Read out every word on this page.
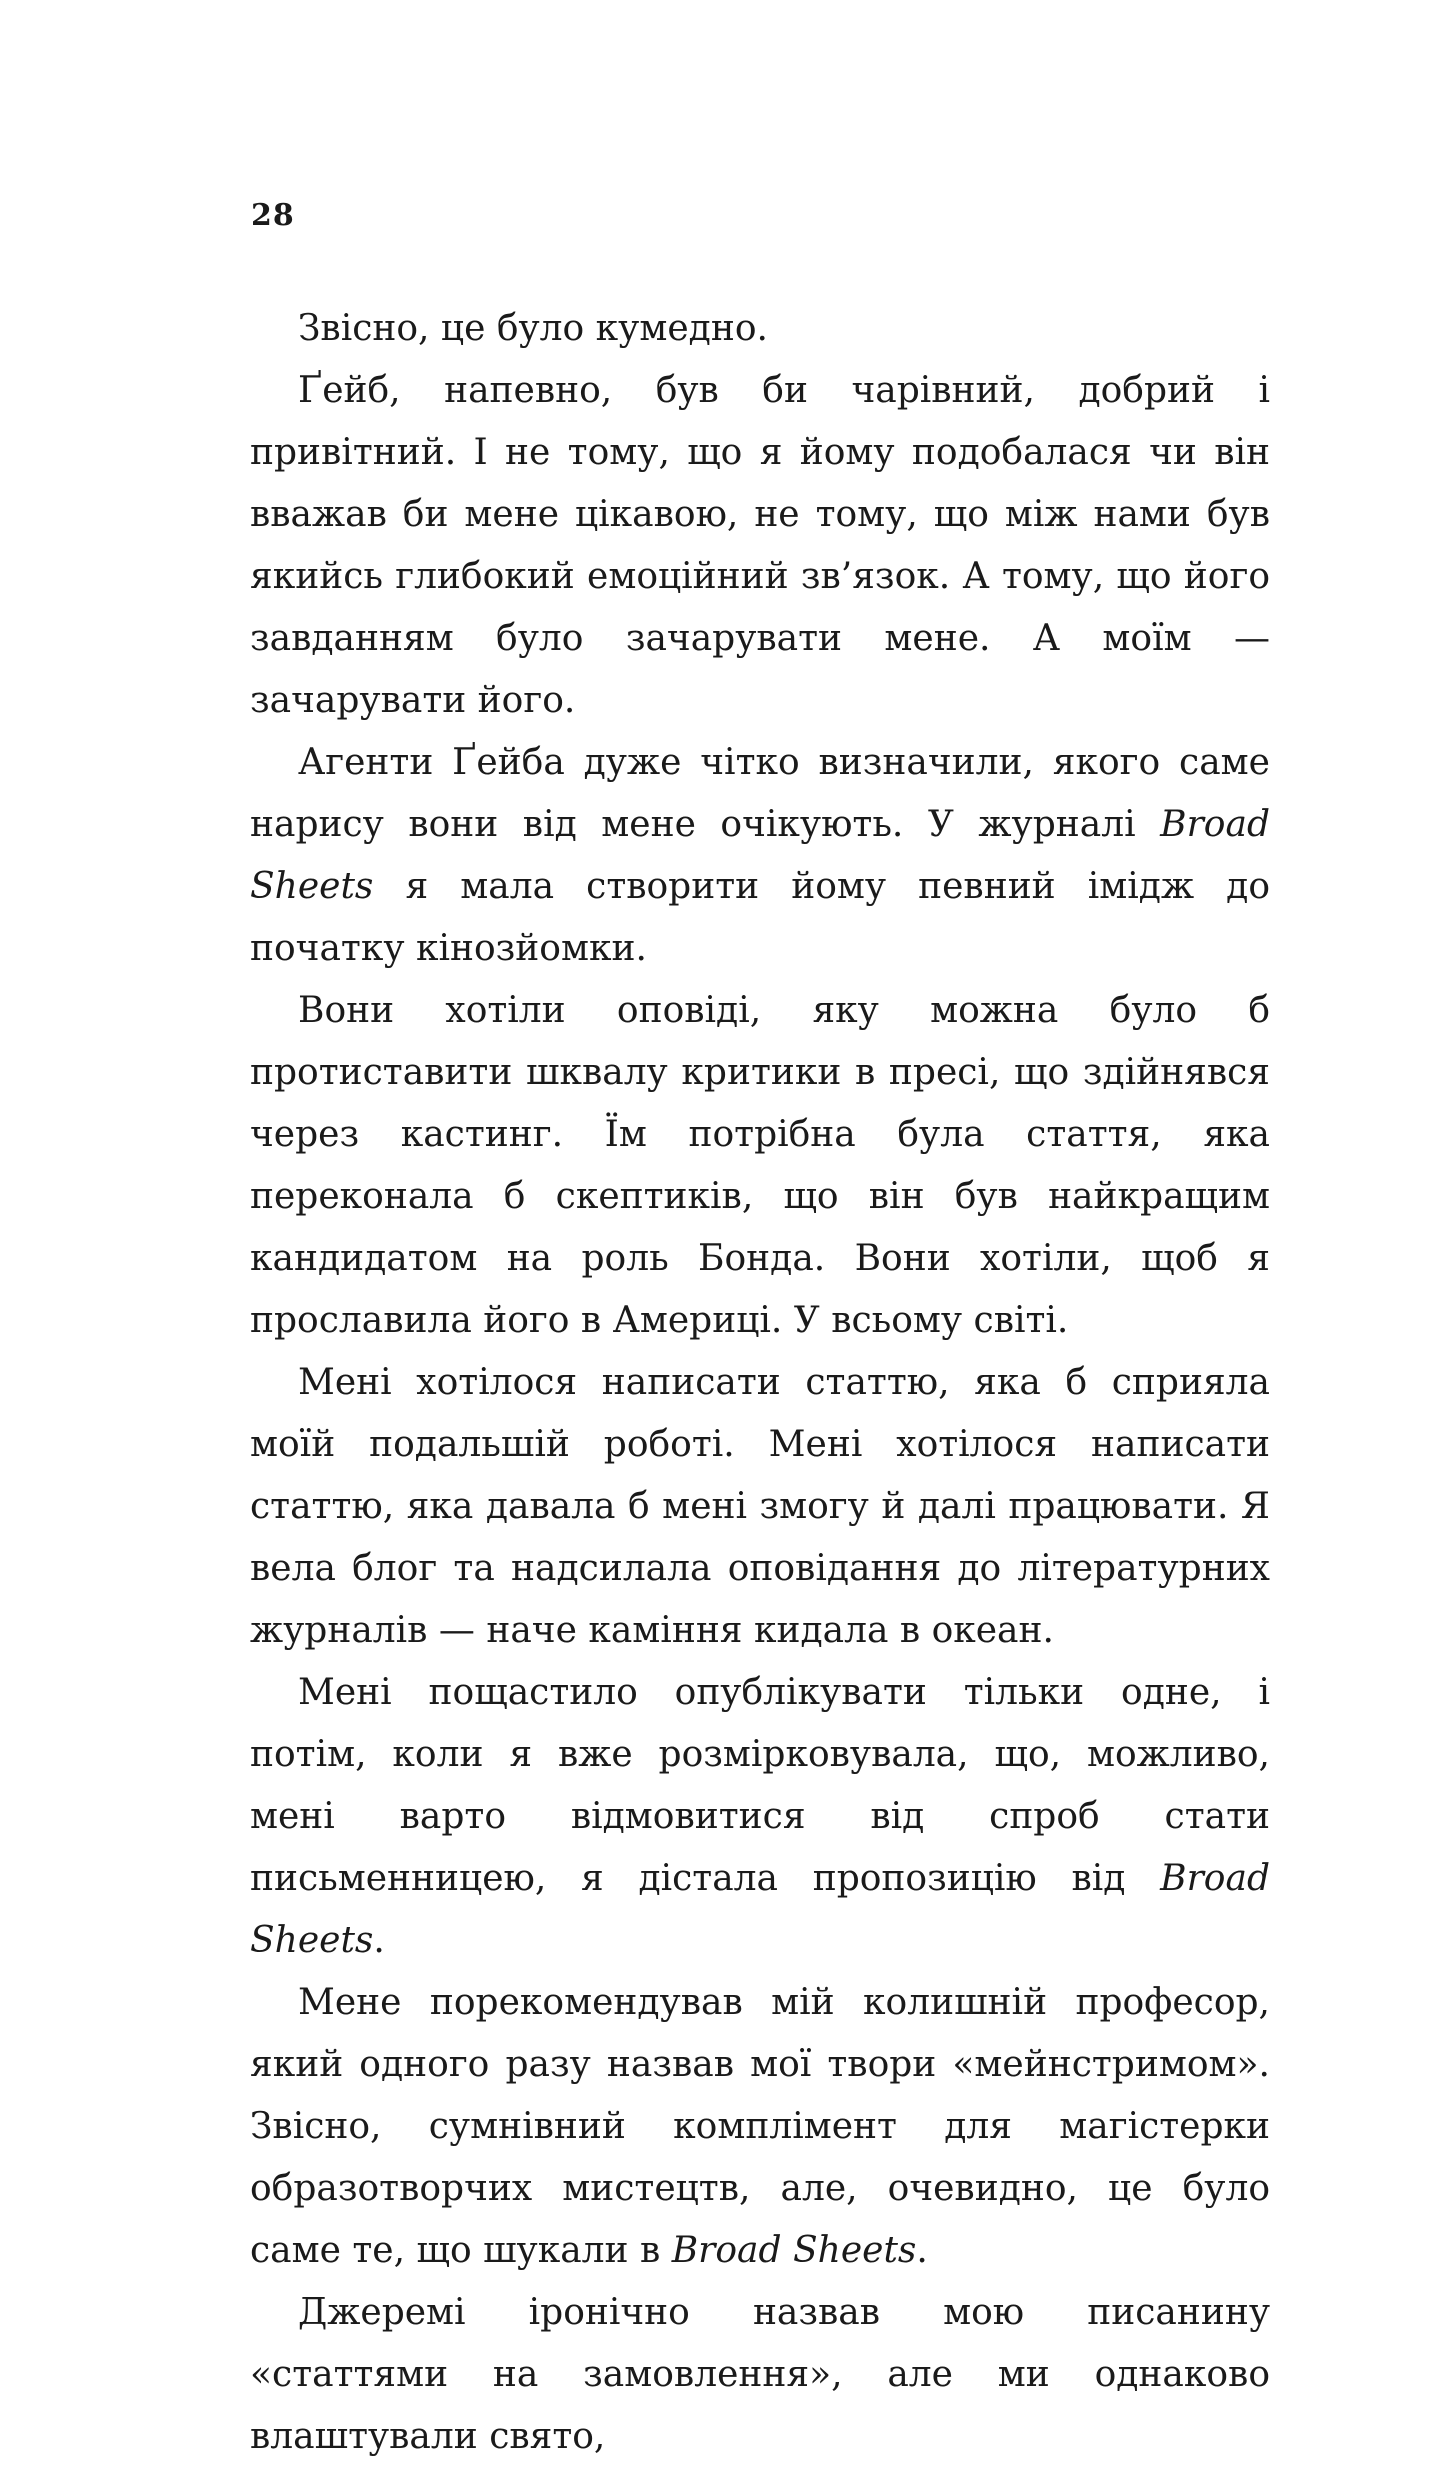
28

Звісно, це було кумедно.

Ґейб, напевно, був би чарівний, добрий і привітний. І не тому, що я йому подобалася чи він вважав би мене цікавою, не тому, що між нами був якийсь глибокий емоційний зв’язок. А тому, що його завданням було зачарувати мене. А моїм — зачарувати його.

Агенти Ґейба дуже чітко визначили, якого саме нарису вони від мене очікують. У журналі Broad Sheets я мала створити йому певний імідж до початку кінозйомки.

Вони хотіли оповіді, яку можна було б протиставити шквалу критики в пресі, що здійнявся через кастинг. Їм потрібна була стаття, яка переконала б скептиків, що він був найкращим кандидатом на роль Бонда. Вони хотіли, щоб я прославила його в Америці. У всьому світі.

Мені хотілося написати статтю, яка б сприяла моїй подальшій роботі. Мені хотілося написати статтю, яка давала б мені змогу й далі працювати. Я вела блог та надсилала оповідання до літературних журналів — наче каміння кидала в океан.

Мені пощастило опублікувати тільки одне, і потім, коли я вже розмірковувала, що, можливо, мені варто відмовитися від спроб стати письменницею, я дістала пропозицію від Broad Sheets.

Мене порекомендував мій колишній професор, який одного разу назвав мої твори «мейнстримом». Звісно, сумнівний комплімент для магістерки образотворчих мистецтв, але, очевидно, це було саме те, що шукали в Broad Sheets.

Джеремі іронічно назвав мою писанину «статтями на замовлення», але ми однаково влаштували свято,
